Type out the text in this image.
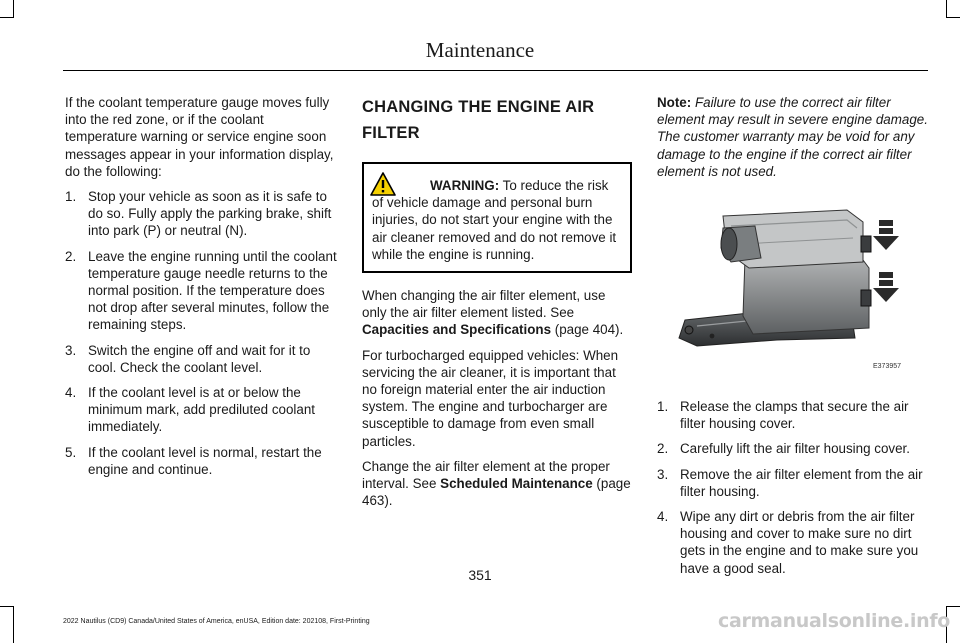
Maintenance

If the coolant temperature gauge moves fully into the red zone, or if the coolant temperature warning or service engine soon messages appear in your information display, do the following:

1. Stop your vehicle as soon as it is safe to do so. Fully apply the parking brake, shift into park (P) or neutral (N).
2. Leave the engine running until the coolant temperature gauge needle returns to the normal position. If the temperature does not drop after several minutes, follow the remaining steps.
3. Switch the engine off and wait for it to cool. Check the coolant level.
4. If the coolant level is at or below the minimum mark, add prediluted coolant immediately.
5. If the coolant level is normal, restart the engine and continue.
CHANGING THE ENGINE AIR
FILTER
WARNING: To reduce the risk of vehicle damage and personal burn injuries, do not start your engine with the air cleaner removed and do not remove it while the engine is running.

When changing the air filter element, use only the air filter element listed. See Capacities and Specifications (page 404).

For turbocharged equipped vehicles: When servicing the air cleaner, it is important that no foreign material enter the air induction system. The engine and turbocharger are susceptible to damage from even small particles.

Change the air filter element at the proper interval. See Scheduled Maintenance (page 463).

Note: Failure to use the correct air filter element may result in severe engine damage. The customer warranty may be void for any damage to the engine if the correct air filter element is not used.

E373957
1. Release the clamps that secure the air filter housing cover.
2. Carefully lift the air filter housing cover.
3. Remove the air filter element from the air filter housing.
4. Wipe any dirt or debris from the air filter housing and cover to make sure no dirt gets in the engine and to make sure you have a good seal.
351
2022 Nautilus (CD9) Canada/United States of America, enUSA, Edition date: 202108, First-Printing	carmanualsonline.info
